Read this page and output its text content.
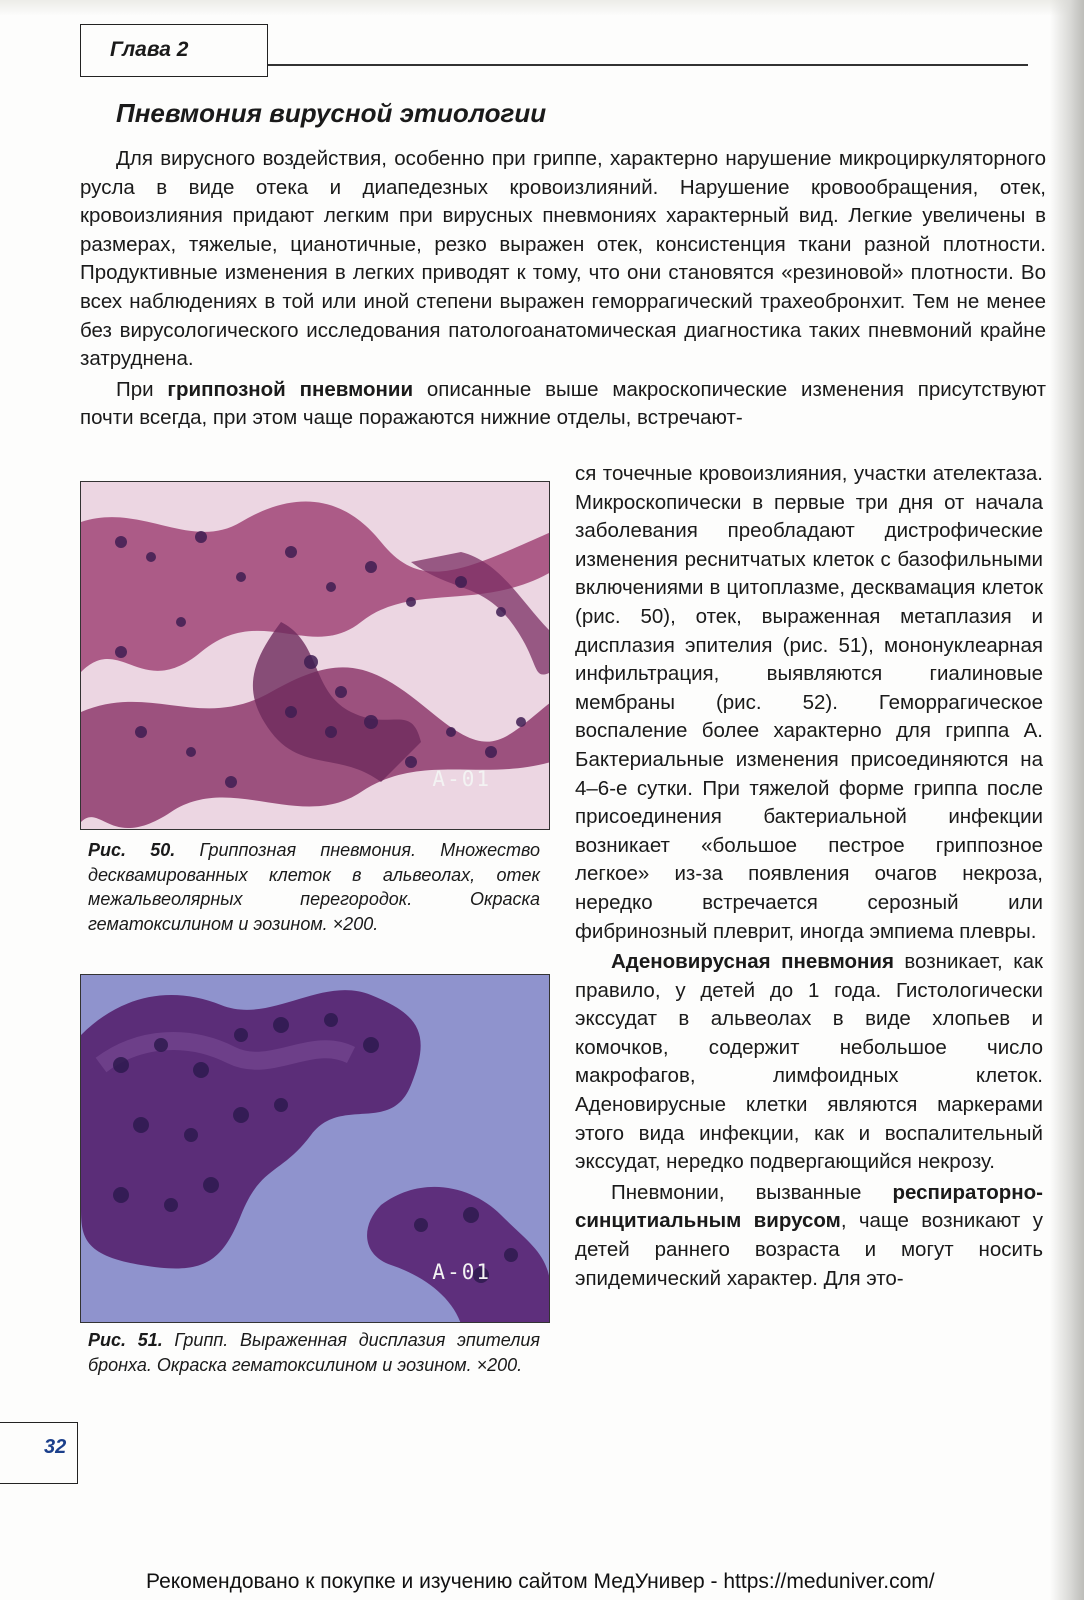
Глава 2
Пневмония вирусной этиологии

Для вирусного воздействия, особенно при гриппе, характерно нарушение микроциркуляторного русла в виде отека и диапедезных кровоизлияний. Нарушение кровообращения, отек, кровоизлияния придают легким при вирусных пневмониях характерный вид. Легкие увеличены в размерах, тяжелые, цианотичные, резко выражен отек, консистенция ткани разной плотности. Продуктивные изменения в легких приводят к тому, что они становятся «резиновой» плотности. Во всех наблюдениях в той или иной степени выражен геморрагический трахеобронхит. Тем не менее без вирусологического исследования патологоанатомическая диагностика таких пневмоний крайне затруднена.

При гриппозной пневмонии описанные выше макроскопические изменения присутствуют почти всегда, при этом чаще поражаются нижние отделы, встречают-

A-01
Рис. 50. Гриппозная пневмония. Множество десквамированных клеток в альвеолах, отек межальвеолярных перегородок. Окраска гематоксилином и эозином. ×200.
A-01
Рис. 51. Грипп. Выраженная дисплазия эпителия бронха. Окраска гематоксилином и эозином. ×200.

ся точечные кровоизлияния, участки ателектаза. Микроскопически в первые три дня от начала заболевания преобладают дистрофические изменения реснитчатых клеток с базофильными включениями в цитоплазме, десквамация клеток (рис. 50), отек, выраженная метаплазия и дисплазия эпителия (рис. 51), мононуклеарная инфильтрация, выявляются гиалиновые мембраны (рис. 52). Геморрагическое воспаление более характерно для гриппа А. Бактериальные изменения присоединяются на 4–6-е сутки. При тяжелой форме гриппа после присоединения бактериальной инфекции возникает «большое пестрое гриппозное легкое» из-за появления очагов некроза, нередко встречается серозный или фибринозный плеврит, иногда эмпиема плевры.

Аденовирусная пневмония возникает, как правило, у детей до 1 года. Гистологически экссудат в альвеолах в виде хлопьев и комочков, содержит небольшое число макрофагов, лимфоидных клеток. Аденовирусные клетки являются маркерами этого вида инфекции, как и воспалительный экссудат, нередко подвергающийся некрозу.

Пневмонии, вызванные респираторно-синцитиальным вирусом, чаще возникают у детей раннего возраста и могут носить эпидемический характер. Для это-

32
Рекомендовано к покупке и изучению сайтом МедУнивер - https://meduniver.com/
